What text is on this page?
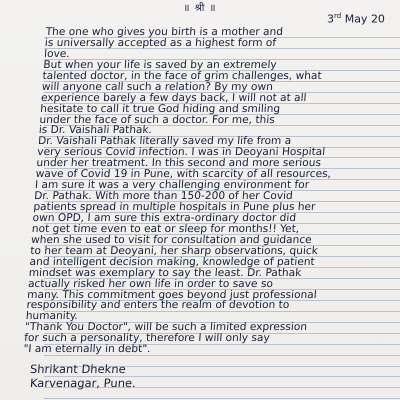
॥ श्री ॥
3rd May 20
The one who gives you birth is a mother and
is universally accepted as a highest form of
love.
But when your life is saved by an extremely
talented doctor, in the face of grim challenges, what
will anyone call such a relation? By my own
experience barely a few days back, I will not at all
hesitate to call it true God hiding and smiling
under the face of such a doctor. For me, this
is Dr. Vaishali Pathak.
Dr. Vaishali Pathak literally saved my life from a
very serious Covid infection. I was in Deoyani Hospital
under her treatment. In this second and more serious
wave of Covid 19 in Pune, with scarcity of all resources,
I am sure it was a very challenging environment for
Dr. Pathak. With more than 150-200 of her Covid
patients spread in multiple hospitals in Pune plus her
own OPD, I am sure this extra-ordinary doctor did
not get time even to eat or sleep for months!! Yet,
when she used to visit for consultation and guidance
to her team at Deoyani, her sharp observations, quick
and intelligent decision making, knowledge of patient
mindset was exemplary to say the least. Dr. Pathak
actually risked her own life in order to save so
many. This commitment goes beyond just professional
responsibility and enters the realm of devotion to
humanity.
"Thank You Doctor", will be such a limited expression
for such a personality, therefore I will only say
"I am eternally in debt".
Shrikant Dhekne
Karvenagar, Pune.
